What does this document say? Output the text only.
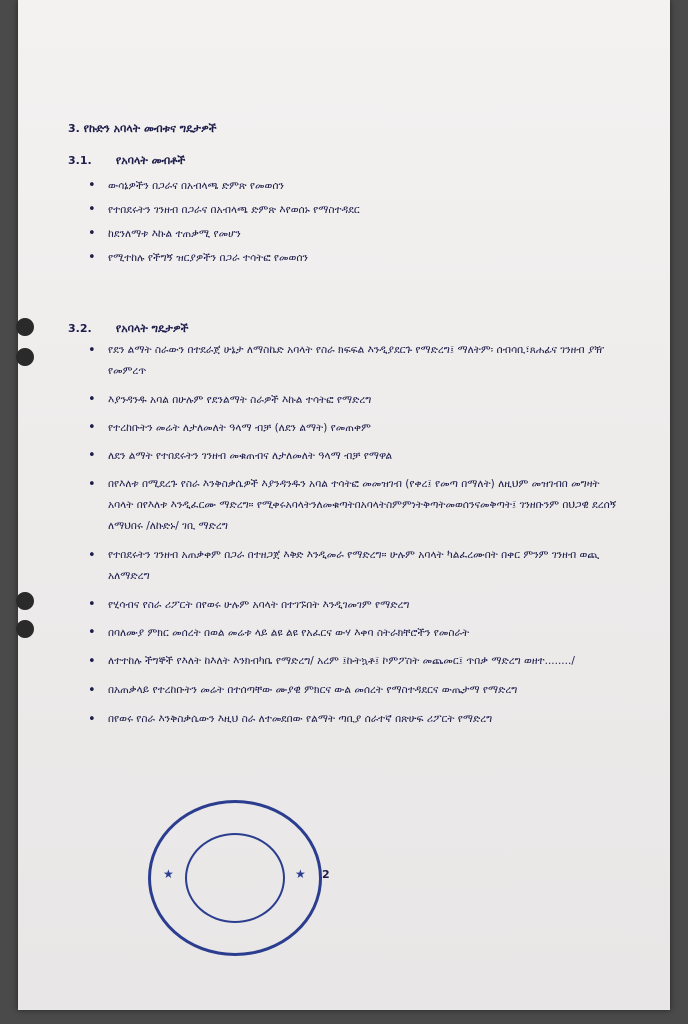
3. የኩድን አባላት መብቱና ግዴታዎች
3.1. የአባላት መብቶች
• ውሳኔዎችን በጋራና በአብላጫ ድምጽ የመወሰን
• የተበደሩትን ገንዘብ በጋራና በአብላጫ ድምጽ እየወሰኑ የማስተዳደር
• ከደንለማቱ እኩል ተጠቃሚ የመሆን
• የሚተከሉ የችግኝ ዝርያዎችን በጋራ ተሳትፎ የመወሰን
3.2. የአባላት ግዴታዎች
• የደን ልማት ስራውን በተደራጀ ሁኔታ ለማስኬድ አባላት የስራ ክፍፍል እንዲያደርጉ የማድረግ፤ ማለትም፡ ሰብሳቢ፣ጸሐፊና ገንዘብ ያዥ የመምረጥ
• እያንዳንዱ አባል በሁሉም የደንልማት ስራዎች እኩል ተሳትፎ የማድረግ
• የተረከቡትን መሬት ለታለመለት ዓላማ ብቻ (ለደን ልማት) የመጠቀም
• ለደን ልማት የተበደሩትን ገንዘብ መቁጠብና ለታለመለት ዓላማ ብቻ የማዋል
• በየእለቱ በሚደረጉ የስራ እንቅስቃሴዎች እያንዳንዱን አባል ተሳትፎ መመዝገብ (የቀረ፤ የመጣ በማለት) ለዚህም መዝገብበ መግዛት አባላት በየእለቱ እንዲፈርሙ ማድረግ። የሚቀሩአባላትንለመቁጣትበአባላትስምምነትቅጣትመወሰንናመቅጣት፤ ገንዘቡንም በህጋዊ ደረሰኝ ለማህበሩ /ለኩድኑ/ ገቢ ማድረግ
• የተበደሩትን ገንዘብ አጠቃቀም በጋራ በተዘጋጀ እቅድ እንዲመራ የማድረግ። ሁሉም አባላት ካልፈረሙበት በቀር ምንም ገንዘብ ወጪ አለማድረግ
• የሂሳብና የስራ ሪፖርት በየወሩ ሁሉም አባላት በተገኙበት እንዲገመገም የማድረግ
• በባለሙያ ምክር መሰረት በወል መሬቱ ላይ ልዩ ልዩ የአፈርና ውሃ እቀባ ስትራክቸሮችን የመስራት
• ለተተከሉ ችግኞች የእለት ከእለት እንክብካቤ የማድረግ/ አረም ፤ኩትኳቶ፤ ኮምፖስት መጨመር፤ ጥበቃ ማድረግ ወዘተ......../
• በአጠቃላይ የተረከቡትን መሬት በተሰጣቸው ሙያዊ ምክርና ውል መሰረት የማስተዳደርና ውጤታማ የማድረግ
• በየወሩ የስራ እንቅስቃሴውን እዚህ ስራ ለተመደበው የልማት ጣቢያ ሰራተኛ በጽሁፍ ሪፖርት የማድረግ
2
★	★
